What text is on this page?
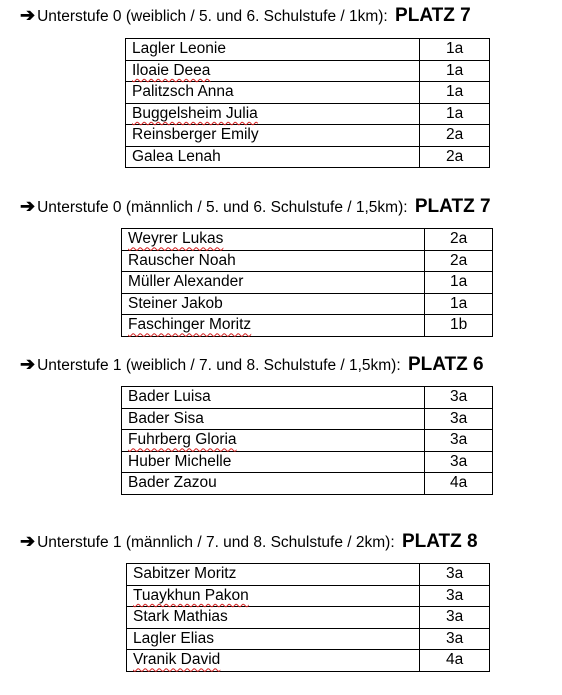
➔ Unterstufe 0 (weiblich / 5. und 6. Schulstufe / 1km): PLATZ 7
Lagler Leonie	1a
Iloaie Deea	1a
Palitzsch Anna	1a
Buggelsheim Julia	1a
Reinsberger Emily	2a
Galea Lenah	2a
➔ Unterstufe 0 (männlich / 5. und 6. Schulstufe / 1,5km): PLATZ 7
Weyrer Lukas	2a
Rauscher Noah	2a
Müller Alexander	1a
Steiner Jakob	1a
Faschinger Moritz	1b
➔ Unterstufe 1 (weiblich / 7. und 8. Schulstufe / 1,5km): PLATZ 6
Bader Luisa	3a
Bader Sisa	3a
Fuhrberg Gloria	3a
Huber Michelle	3a
Bader Zazou	4a
➔ Unterstufe 1 (männlich / 7. und 8. Schulstufe / 2km): PLATZ 8
Sabitzer Moritz	3a
Tuaykhun Pakon	3a
Stark Mathias	3a
Lagler Elias	3a
Vranik David	4a
